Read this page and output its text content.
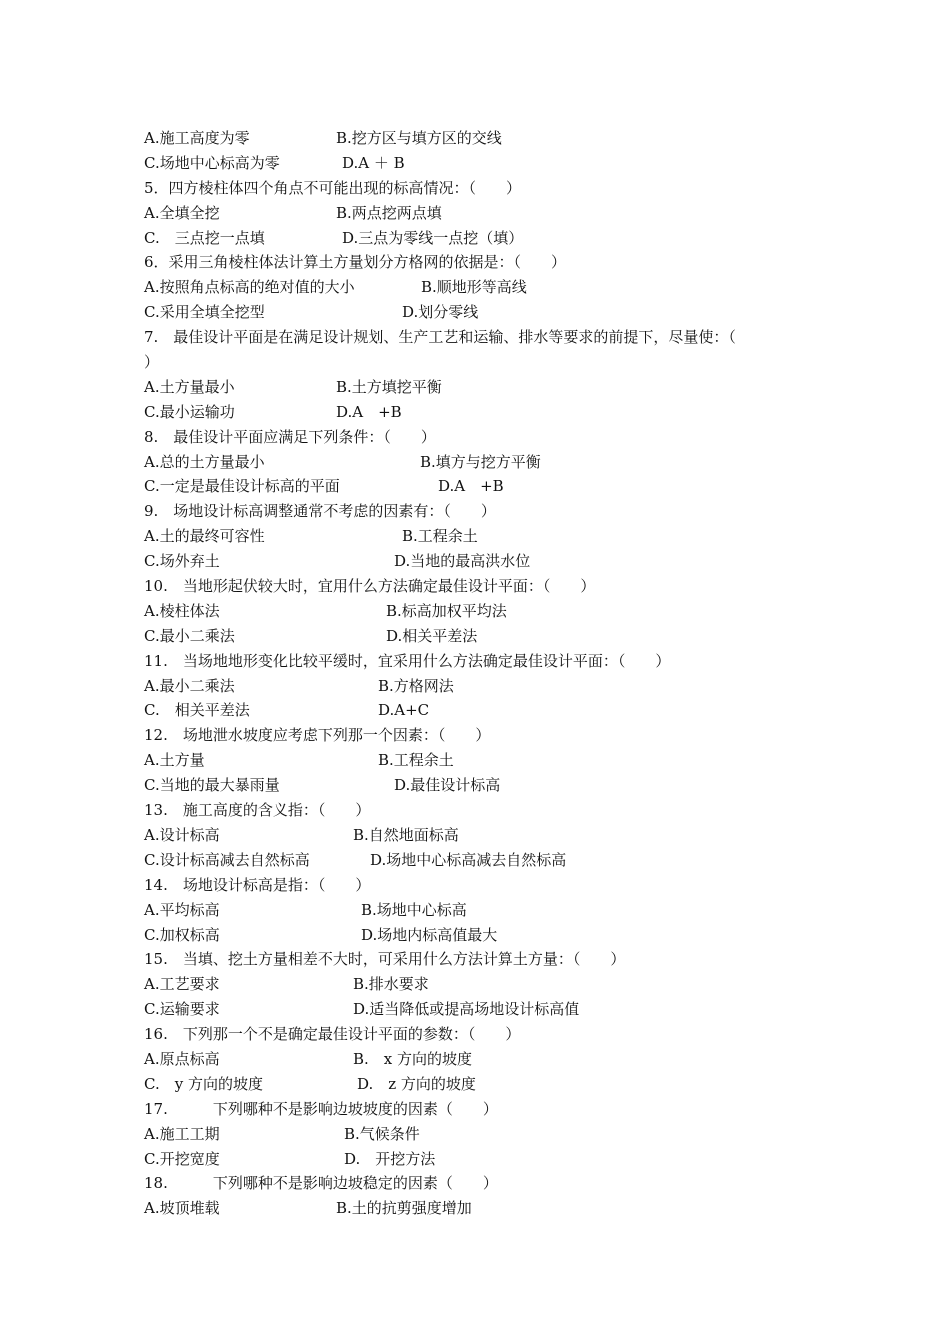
A.施工高度为零	B.挖方区与填方区的交线
C.场地中心标高为零	D.A ＋ B
5．四方棱柱体四个角点不可能出现的标高情况：（　　）
A.全填全挖	B.两点挖两点填
C.　三点挖一点填	D.三点为零线一点挖（填）
6．采用三角棱柱体法计算土方量划分方格网的依据是：（　　）
A.按照角点标高的绝对值的大小	B.顺地形等高线
C.采用全填全挖型	D.划分零线
7.　最佳设计平面是在满足设计规划、生产工艺和运输、排水等要求的前提下，尽量使：（
）
A.土方量最小	B.土方填挖平衡
C.最小运输功	D.A　+B
8.　最佳设计平面应满足下列条件：（　　）
A.总的土方量最小	B.填方与挖方平衡
C.一定是最佳设计标高的平面	D.A　+B
9.　场地设计标高调整通常不考虑的因素有：（　　）
A.土的最终可容性	B.工程余土
C.场外弃土	D.当地的最高洪水位
10.　当地形起伏较大时，宜用什么方法确定最佳设计平面：（　　）
A.棱柱体法	B.标高加权平均法
C.最小二乘法	D.相关平差法
11.　当场地地形变化比较平缓时，宜采用什么方法确定最佳设计平面：（　　）
A.最小二乘法	B.方格网法
C.　相关平差法	D.A+C
12.　场地泄水坡度应考虑下列那一个因素：（　　）
A.土方量	B.工程余土
C.当地的最大暴雨量	D.最佳设计标高
13.　施工高度的含义指：（　　）
A.设计标高	B.自然地面标高
C.设计标高减去自然标高	D.场地中心标高减去自然标高
14.　场地设计标高是指：（　　）
A.平均标高	B.场地中心标高
C.加权标高	D.场地内标高值最大
15.　当填、挖土方量相差不大时，可采用什么方法计算土方量：（　　）
A.工艺要求	B.排水要求
C.运输要求	D.适当降低或提高场地设计标高值
16.　下列那一个不是确定最佳设计平面的参数：（　　）
A.原点标高	B.　x 方向的坡度
C.　y 方向的坡度	D.　z 方向的坡度
17.　　　下列哪种不是影响边坡坡度的因素（　　）
A.施工工期	B.气候条件
C.开挖宽度	D.　开挖方法
18.　　　下列哪种不是影响边坡稳定的因素（　　）
A.坡顶堆载	B.土的抗剪强度增加
